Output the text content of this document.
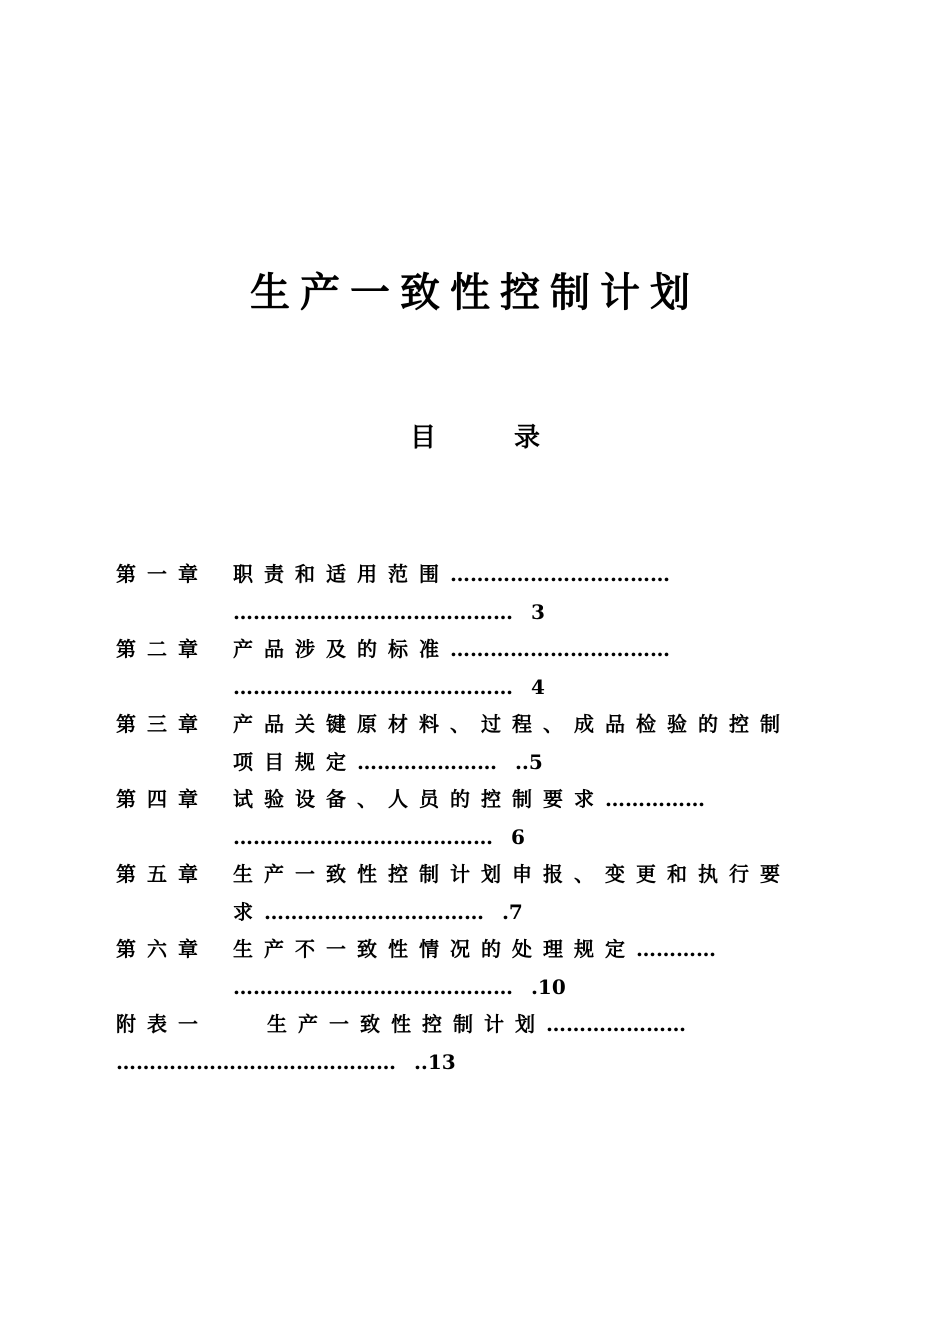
生产一致性控制计划
目	录
第一章 职责和适用范围……………………………
…………………………………… 3
第二章 产品涉及的标准……………………………
…………………………………… 4
第三章 产品关键原材料、过程、成品检验的控制
项目规定………………… ..5
第四章 试验设备、人员的控制要求……………
………………………………… 6
第五章 生产一致性控制计划申报、变更和执行要
求…………………………… .7
第六章 生产不一致性情况的处理规定…………
…………………………………… .10
附表一	生产一致性控制计划…………………
…………………………………… ..13
